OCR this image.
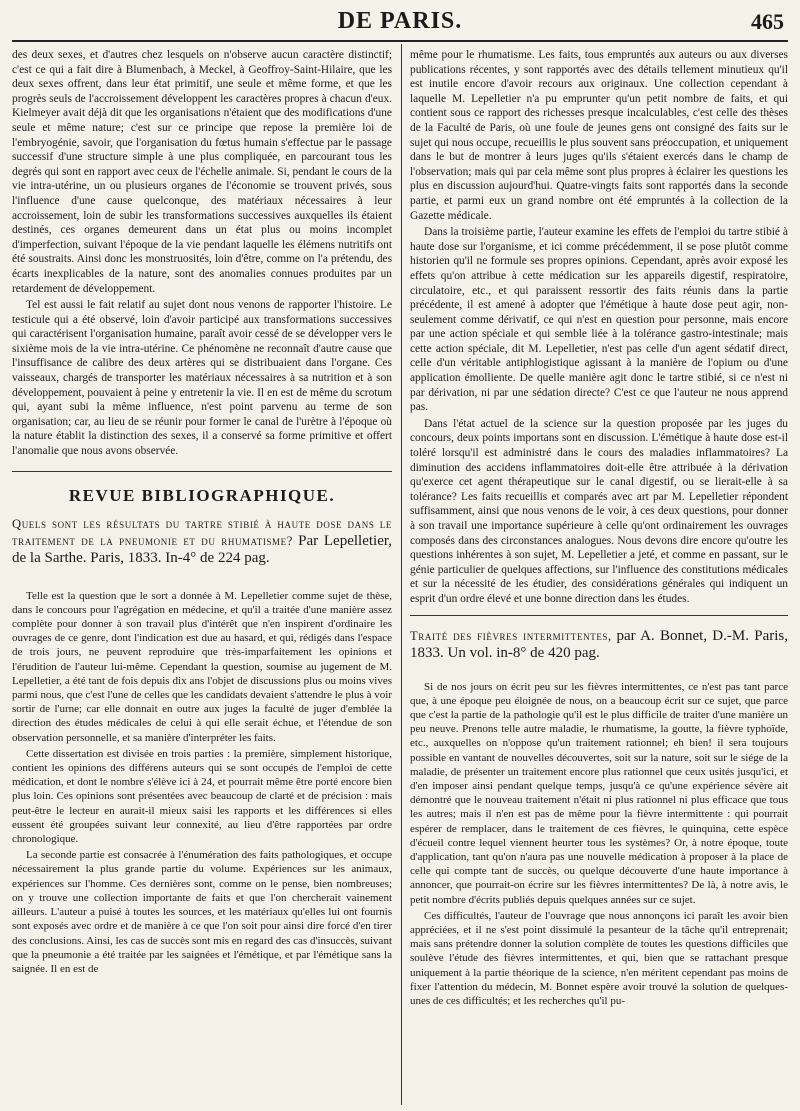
DE PARIS.	465

des deux sexes, et d'autres chez lesquels on n'observe aucun caractère distinctif; c'est ce qui a fait dire à Blumenbach, à Meckel, à Geoffroy-Saint-Hilaire, que les deux sexes offrent, dans leur état primitif, une seule et même forme, et que les progrès seuls de l'accroissement développent les caractères propres à chacun d'eux. Kielmeyer avait déjà dit que les organisations n'étaient que des modifications d'une seule et même nature; c'est sur ce principe que repose la première loi de l'embryogénie, savoir, que l'organisation du fœtus humain s'effectue par le passage successif d'une structure simple à une plus compliquée, en parcourant tous les degrés qui sont en rapport avec ceux de l'échelle animale. Si, pendant le cours de la vie intra-utérine, un ou plusieurs organes de l'économie se trouvent privés, sous l'influence d'une cause quelconque, des matériaux nécessaires à leur accroissement, loin de subir les transformations successives auxquelles ils étaient destinés, ces organes demeurent dans un état plus ou moins incomplet d'imperfection, suivant l'époque de la vie pendant laquelle les élémens nutritifs ont été soustraits. Ainsi donc les monstruosités, loin d'être, comme on l'a prétendu, des écarts inexplicables de la nature, sont des anomalies connues produites par un retardement de développement.

Tel est aussi le fait relatif au sujet dont nous venons de rapporter l'histoire. Le testicule qui a été observé, loin d'avoir participé aux transformations successives qui caractérisent l'organisation humaine, paraît avoir cessé de se développer vers le sixième mois de la vie intra-utérine. Ce phénomène ne reconnaît d'autre cause que l'insuffisance de calibre des deux artères qui se distribuaient dans l'organe. Ces vaisseaux, chargés de transporter les matériaux nécessaires à sa nutrition et à son développement, pouvaient à peine y entretenir la vie. Il en est de même du scrotum qui, ayant subi la même influence, n'est point parvenu au terme de son organisation; car, au lieu de se réunir pour former le canal de l'urètre à l'époque où la nature établit la distinction des sexes, il a conservé sa forme primitive et offert l'anomalie que nous avons observée.

REVUE BIBLIOGRAPHIQUE.
Quels sont les résultats du tartre stibié à haute dose dans le traitement de la pneumonie et du rhumatisme? Par Lepelletier, de la Sarthe. Paris, 1833. In-4° de 224 pag.

Telle est la question que le sort a donnée à M. Lepelletier comme sujet de thèse, dans le concours pour l'agrégation en médecine, et qu'il a traitée d'une manière assez complète pour donner à son travail plus d'intérêt que n'en inspirent d'ordinaire les ouvrages de ce genre, dont l'indication est due au hasard, et qui, rédigés dans l'espace de trois jours, ne peuvent reproduire que très-imparfaitement les opinions et l'érudition de l'auteur lui-même. Cependant la question, soumise au jugement de M. Lepelletier, a été tant de fois depuis dix ans l'objet de discussions plus ou moins vives parmi nous, que c'est l'une de celles que les candidats devaient s'attendre le plus à voir sortir de l'urne; car elle donnait en outre aux juges la faculté de juger d'emblée la direction des études médicales de celui à qui elle serait échue, et l'étendue de son observation personnelle, et sa manière d'interpréter les faits.

Cette dissertation est divisée en trois parties : la première, simplement historique, contient les opinions des différens auteurs qui se sont occupés de l'emploi de cette médication, et dont le nombre s'élève ici à 24, et pourrait même être porté encore bien plus loin. Ces opinions sont présentées avec beaucoup de clarté et de précision : mais peut-être le lecteur en aurait-il mieux saisi les rapports et les différences si elles eussent été groupées suivant leur connexité, au lieu d'être rapportées par ordre chronologique.

La seconde partie est consacrée à l'énumération des faits pathologiques, et occupe nécessairement la plus grande partie du volume. Expériences sur les animaux, expériences sur l'homme. Ces dernières sont, comme on le pense, bien nombreuses; on y trouve une collection importante de faits et que l'on chercherait vainement ailleurs. L'auteur a puisé à toutes les sources, et les matériaux qu'elles lui ont fournis sont exposés avec ordre et de manière à ce que l'on soit pour ainsi dire forcé d'en tirer des conclusions. Ainsi, les cas de succès sont mis en regard des cas d'insuccès, suivant que la pneumonie a été traitée par les saignées et l'émétique, et par l'émétique sans la saignée. Il en est de

même pour le rhumatisme. Les faits, tous empruntés aux auteurs ou aux diverses publications récentes, y sont rapportés avec des détails tellement minutieux qu'il est inutile encore d'avoir recours aux originaux. Une collection cependant à laquelle M. Lepelletier n'a pu emprunter qu'un petit nombre de faits, et qui contient sous ce rapport des richesses presque incalculables, c'est celle des thèses de la Faculté de Paris, où une foule de jeunes gens ont consigné des faits sur le sujet qui nous occupe, recueillis le plus souvent sans préoccupation, et uniquement dans le but de montrer à leurs juges qu'ils s'étaient exercés dans le champ de l'observation; mais qui par cela même sont plus propres à éclairer les questions les plus en discussion aujourd'hui. Quatre-vingts faits sont rapportés dans la seconde partie, et parmi eux un grand nombre ont été empruntés à la collection de la Gazette médicale.

Dans la troisième partie, l'auteur examine les effets de l'emploi du tartre stibié à haute dose sur l'organisme, et ici comme précédemment, il se pose plutôt comme historien qu'il ne formule ses propres opinions. Cependant, après avoir exposé les effets qu'on attribue à cette médication sur les appareils digestif, respiratoire, circulatoire, etc., et qui paraissent ressortir des faits réunis dans la partie précédente, il est amené à adopter que l'émétique à haute dose peut agir, non-seulement comme dérivatif, ce qui n'est en question pour personne, mais encore par une action spéciale et qui semble liée à la tolérance gastro-intestinale; mais cette action spéciale, dit M. Lepelletier, n'est pas celle d'un agent sédatif direct, celle d'un véritable antiphlogistique agissant à la manière de l'opium ou d'une application émolliente. De quelle manière agit donc le tartre stibié, si ce n'est ni par dérivation, ni par une sédation directe? C'est ce que l'auteur ne nous apprend pas.

Dans l'état actuel de la science sur la question proposée par les juges du concours, deux points importans sont en discussion. L'émétique à haute dose est-il toléré lorsqu'il est administré dans le cours des maladies inflammatoires? La diminution des accidens inflammatoires doit-elle être attribuée à la dérivation qu'exerce cet agent thérapeutique sur le canal digestif, ou se lierait-elle à sa tolérance? Les faits recueillis et comparés avec art par M. Lepelletier répondent suffisamment, ainsi que nous venons de le voir, à ces deux questions, pour donner à son travail une importance supérieure à celle qu'ont ordinairement les ouvrages composés dans des circonstances analogues. Nous devons dire encore qu'outre les questions inhérentes à son sujet, M. Lepelletier a jeté, et comme en passant, sur le génie particulier de quelques affections, sur l'influence des constitutions médicales et sur la nécessité de les étudier, des considérations générales qui indiquent un esprit d'un ordre élevé et une bonne direction dans les études.

Traité des fièvres intermittentes, par A. Bonnet, D.-M. Paris, 1833. Un vol. in-8° de 420 pag.

Si de nos jours on écrit peu sur les fièvres intermittentes, ce n'est pas tant parce que, à une époque peu éloignée de nous, on a beaucoup écrit sur ce sujet, que parce que c'est la partie de la pathologie qu'il est le plus difficile de traiter d'une manière un peu neuve. Prenons telle autre maladie, le rhumatisme, la goutte, la fièvre typhoïde, etc., auxquelles on n'oppose qu'un traitement rationnel; eh bien! il sera toujours possible en vantant de nouvelles découvertes, soit sur la nature, soit sur le siége de la maladie, de présenter un traitement encore plus rationnel que ceux usités jusqu'ici, et d'en imposer ainsi pendant quelque temps, jusqu'à ce qu'une expérience sévère ait démontré que le nouveau traitement n'était ni plus rationnel ni plus efficace que tous les autres; mais il n'en est pas de même pour la fièvre intermittente : qui pourrait espérer de remplacer, dans le traitement de ces fièvres, le quinquina, cette espèce d'écueil contre lequel viennent heurter tous les systèmes? Or, à notre époque, toute d'application, tant qu'on n'aura pas une nouvelle médication à proposer à la place de celle qui compte tant de succès, ou quelque découverte d'une haute importance à annoncer, que pourrait-on écrire sur les fièvres intermittentes? De là, à notre avis, le petit nombre d'écrits publiés depuis quelques années sur ce sujet.

Ces difficultés, l'auteur de l'ouvrage que nous annonçons ici paraît les avoir bien appréciées, et il ne s'est point dissimulé la pesanteur de la tâche qu'il entreprenait; mais sans prétendre donner la solution complète de toutes les questions difficiles que soulève l'étude des fièvres intermittentes, et qui, bien que se rattachant presque uniquement à la partie théorique de la science, n'en méritent cependant pas moins de fixer l'attention du médecin, M. Bonnet espère avoir trouvé la solution de quelques-unes de ces difficultés; et les recherches qu'il pu-
